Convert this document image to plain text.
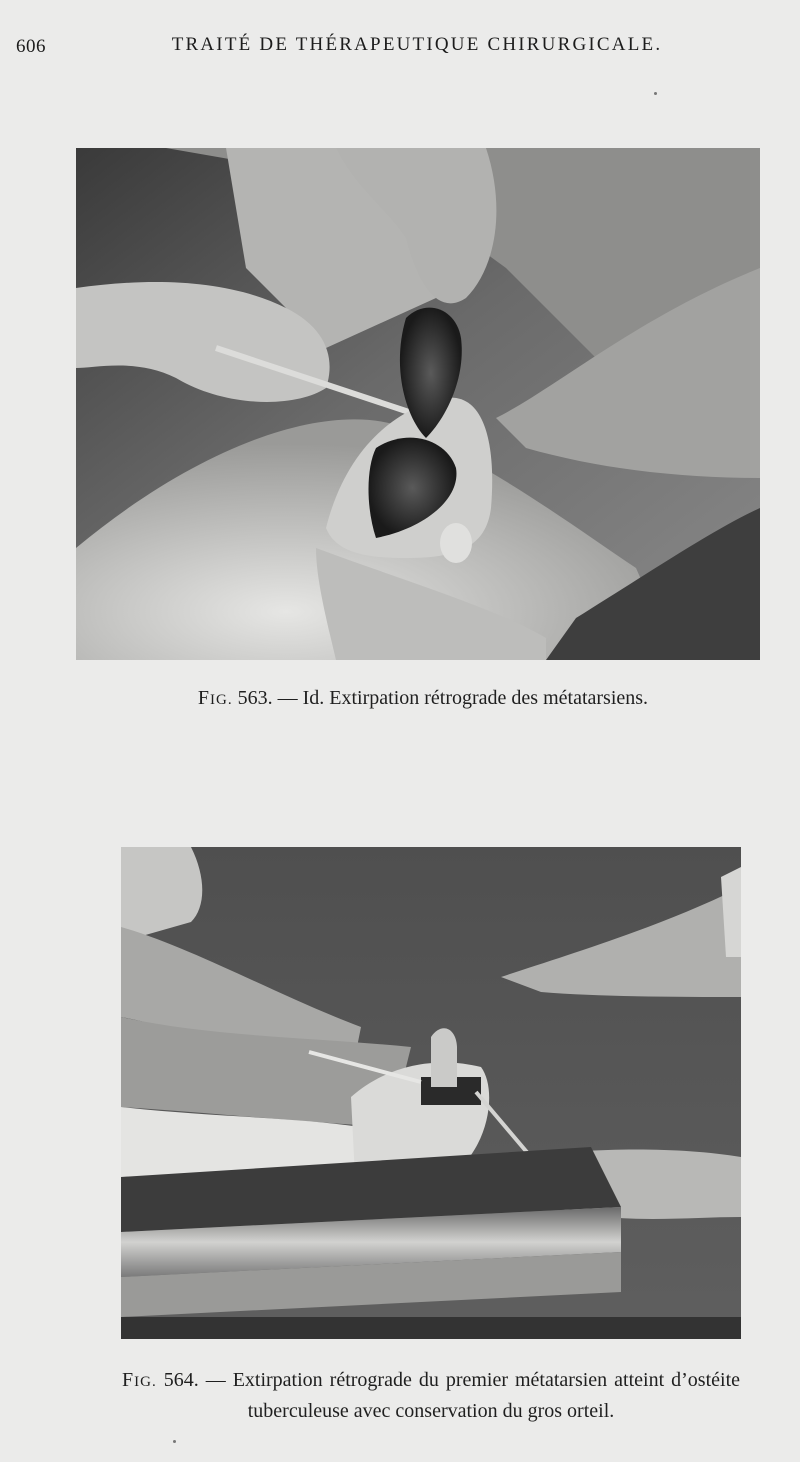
606	TRAITÉ DE THÉRAPEUTIQUE CHIRURGICALE.
FIG. 563. — Id. Extirpation rétrograde des métatarsiens.
FIG. 564. — Extirpation rétrograde du premier métatarsien atteint d’ostéite tuberculeuse avec conservation du gros orteil.
